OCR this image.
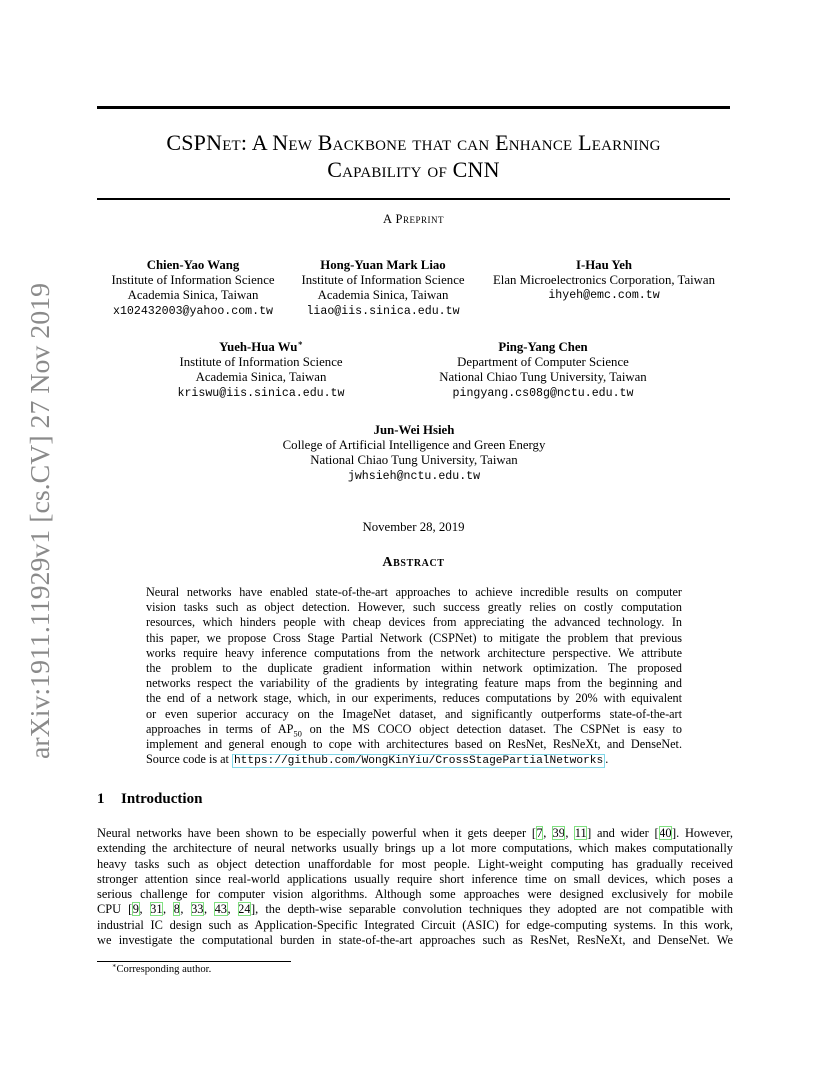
arXiv:1911.11929v1 [cs.CV] 27 Nov 2019
CSPNet: A New Backbone that can Enhance Learning
Capability of CNN
A Preprint
Chien-Yao Wang
Institute of Information Science
Academia Sinica, Taiwan
x102432003@yahoo.com.tw
Hong-Yuan Mark Liao
Institute of Information Science
Academia Sinica, Taiwan
liao@iis.sinica.edu.tw
I-Hau Yeh
Elan Microelectronics Corporation, Taiwan
ihyeh@emc.com.tw
Yueh-Hua Wu∗
Institute of Information Science
Academia Sinica, Taiwan
kriswu@iis.sinica.edu.tw
Ping-Yang Chen
Department of Computer Science
National Chiao Tung University, Taiwan
pingyang.cs08g@nctu.edu.tw
Jun-Wei Hsieh
College of Artificial Intelligence and Green Energy
National Chiao Tung University, Taiwan
jwhsieh@nctu.edu.tw
November 28, 2019
Abstract
Neural networks have enabled state-of-the-art approaches to achieve incredible results on computer
vision tasks such as object detection. However, such success greatly relies on costly computation
resources, which hinders people with cheap devices from appreciating the advanced technology. In
this paper, we propose Cross Stage Partial Network (CSPNet) to mitigate the problem that previous
works require heavy inference computations from the network architecture perspective. We attribute
the problem to the duplicate gradient information within network optimization. The proposed
networks respect the variability of the gradients by integrating feature maps from the beginning and
the end of a network stage, which, in our experiments, reduces computations by 20% with equivalent
or even superior accuracy on the ImageNet dataset, and significantly outperforms state-of-the-art
approaches in terms of $AP_{50}$ on the MS COCO object detection dataset. The CSPNet is easy to
implement and general enough to cope with architectures based on ResNet, ResNeXt, and DenseNet.
Source code is at https://github.com/WongKinYiu/CrossStagePartialNetworks .
1 Introduction
Neural networks have been shown to be especially powerful when it gets deeper [7, 39, 11] and wider [40]. However,
extending the architecture of neural networks usually brings up a lot more computations, which makes computationally
heavy tasks such as object detection unaffordable for most people. Light-weight computing has gradually received
stronger attention since real-world applications usually require short inference time on small devices, which poses a
serious challenge for computer vision algorithms. Although some approaches were designed exclusively for mobile
CPU [9, 31, 8, 33, 43, 24], the depth-wise separable convolution techniques they adopted are not compatible with
industrial IC design such as Application-Specific Integrated Circuit (ASIC) for edge-computing systems. In this work,
we investigate the computational burden in state-of-the-art approaches such as ResNet, ResNeXt, and DenseNet. We
∗Corresponding author.
